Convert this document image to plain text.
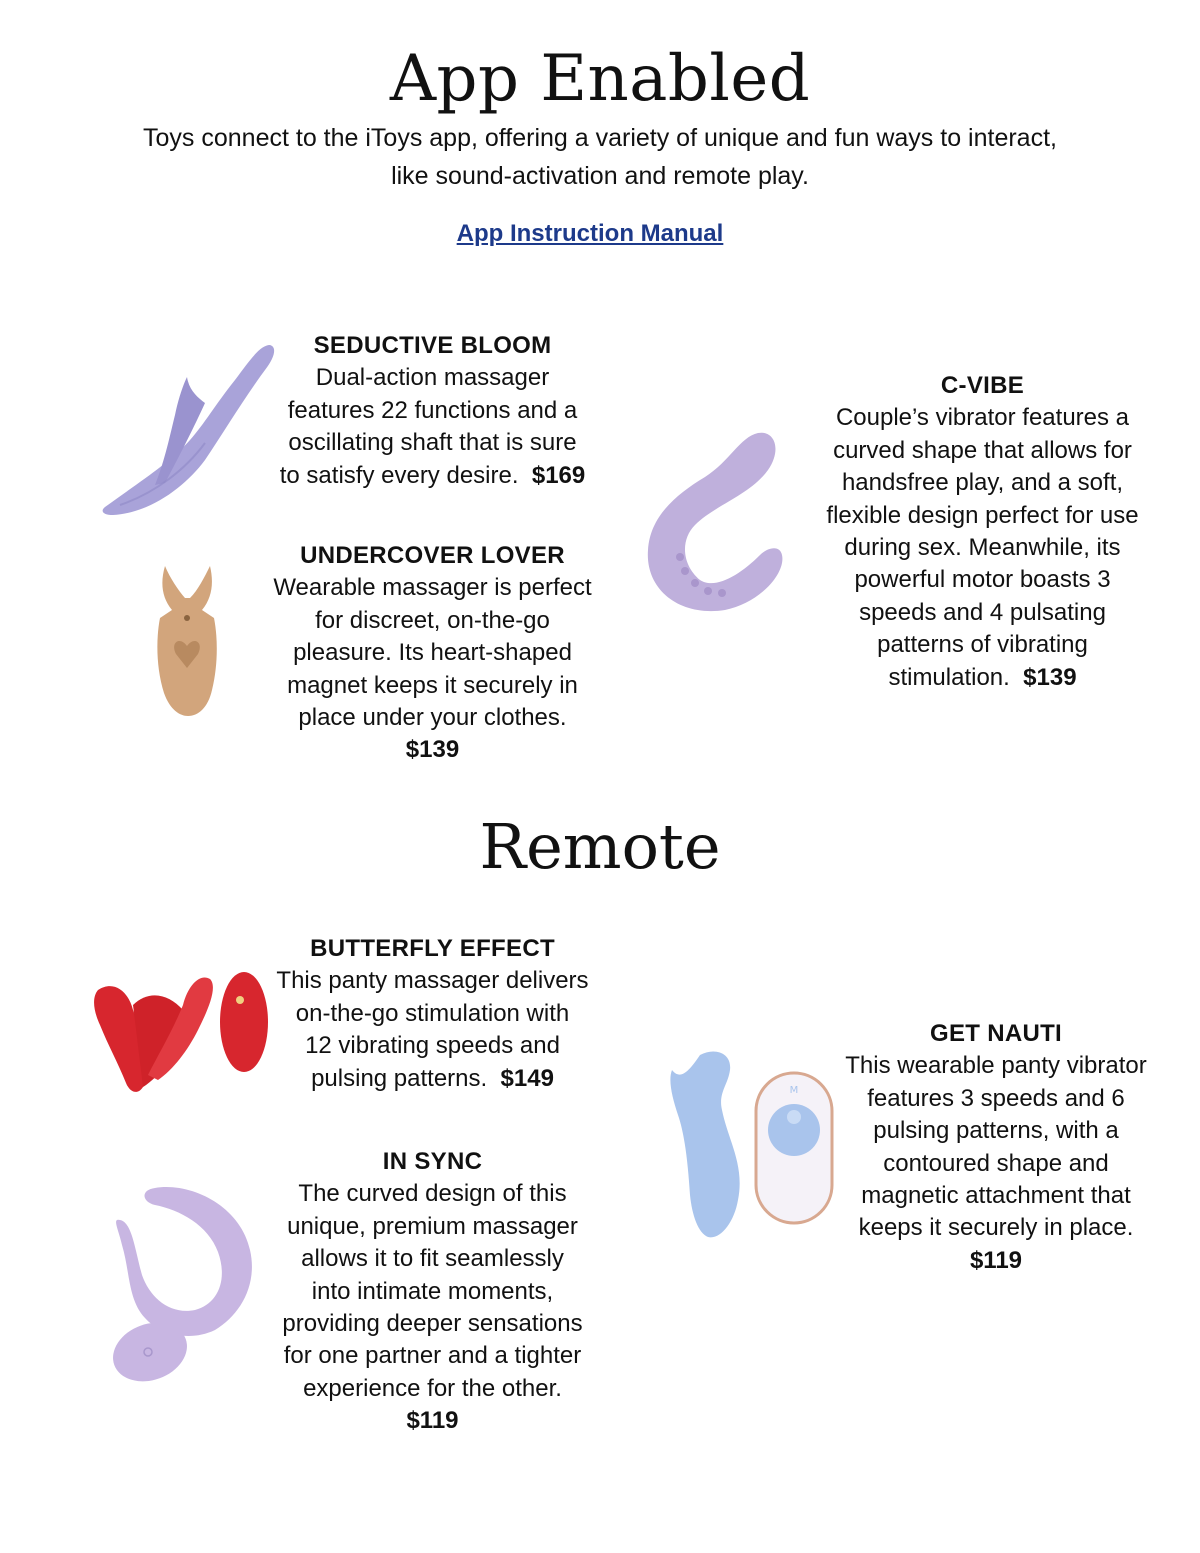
App Enabled

Toys connect to the iToys app, offering a variety of unique and fun ways to interact,
like sound-activation and remote play.

App Instruction Manual
SEDUCTIVE BLOOM
Dual-action massager
features 22 functions and a
oscillating shaft that is sure
to satisfy every desire. $169
UNDERCOVER LOVER
Wearable massager is perfect
for discreet, on-the-go
pleasure. Its heart-shaped
magnet keeps it securely in
place under your clothes.
$139
C-VIBE
Couple’s vibrator features a
curved shape that allows for
handsfree play, and a soft,
flexible design perfect for use
during sex. Meanwhile, its
powerful motor boasts 3
speeds and 4 pulsating
patterns of vibrating
stimulation. $139
Remote
BUTTERFLY EFFECT
This panty massager delivers
on-the-go stimulation with
12 vibrating speeds and
pulsing patterns. $149
IN SYNC
The curved design of this
unique, premium massager
allows it to fit seamlessly
into intimate moments,
providing deeper sensations
for one partner and a tighter
experience for the other.
$119
M
GET NAUTI
This wearable panty vibrator
features 3 speeds and 6
pulsing patterns, with a
contoured shape and
magnetic attachment that
keeps it securely in place.
$119
